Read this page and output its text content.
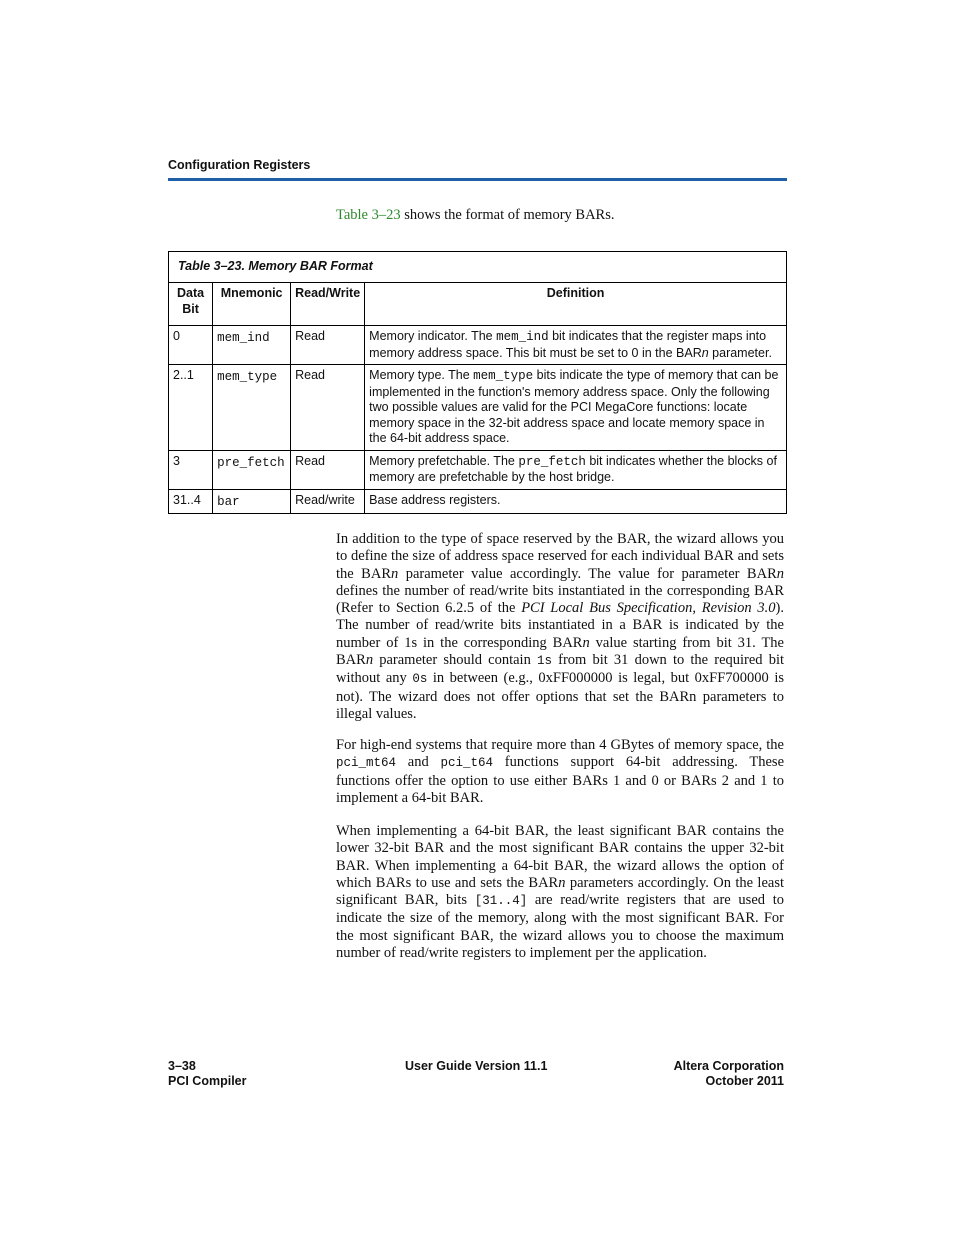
Configuration Registers
Table 3–23 shows the format of memory BARs.
Table 3–23. Memory BAR Format			
Data Bit	Mnemonic	Read/Write	Definition
0	mem_ind	Read	Memory indicator. The mem_ind bit indicates that the register maps into memory address space. This bit must be set to 0 in the BARn parameter.
2..1	mem_type	Read	Memory type. The mem_type bits indicate the type of memory that can be implemented in the function's memory address space. Only the following two possible values are valid for the PCI MegaCore functions: locate memory space in the 32-bit address space and locate memory space in the 64-bit address space.
3	pre_fetch	Read	Memory prefetchable. The pre_fetch bit indicates whether the blocks of memory are prefetchable by the host bridge.
31..4	bar	Read/write	Base address registers.
In addition to the type of space reserved by the BAR, the wizard allows you to define the size of address space reserved for each individual BAR and sets the BARn parameter value accordingly. The value for parameter BARn defines the number of read/write bits instantiated in the corresponding BAR (Refer to Section 6.2.5 of the PCI Local Bus Specification, Revision 3.0). The number of read/write bits instantiated in a BAR is indicated by the number of 1s in the corresponding BARn value starting from bit 31. The BARn parameter should contain 1s from bit 31 down to the required bit without any 0s in between (e.g., 0xFF000000 is legal, but 0xFF700000 is not). The wizard does not offer options that set the BARn parameters to illegal values.
For high-end systems that require more than 4 GBytes of memory space, the pci_mt64 and pci_t64 functions support 64-bit addressing. These functions offer the option to use either BARs 1 and 0 or BARs 2 and 1 to implement a 64-bit BAR.
When implementing a 64-bit BAR, the least significant BAR contains the lower 32-bit BAR and the most significant BAR contains the upper 32-bit BAR. When implementing a 64-bit BAR, the wizard allows the option of which BARs to use and sets the BARn parameters accordingly. On the least significant BAR, bits [31..4] are read/write registers that are used to indicate the size of the memory, along with the most significant BAR. For the most significant BAR, the wizard allows you to choose the maximum number of read/write registers to implement per the application.
3–38
PCI Compiler
User Guide Version 11.1	Altera Corporation
October 2011
